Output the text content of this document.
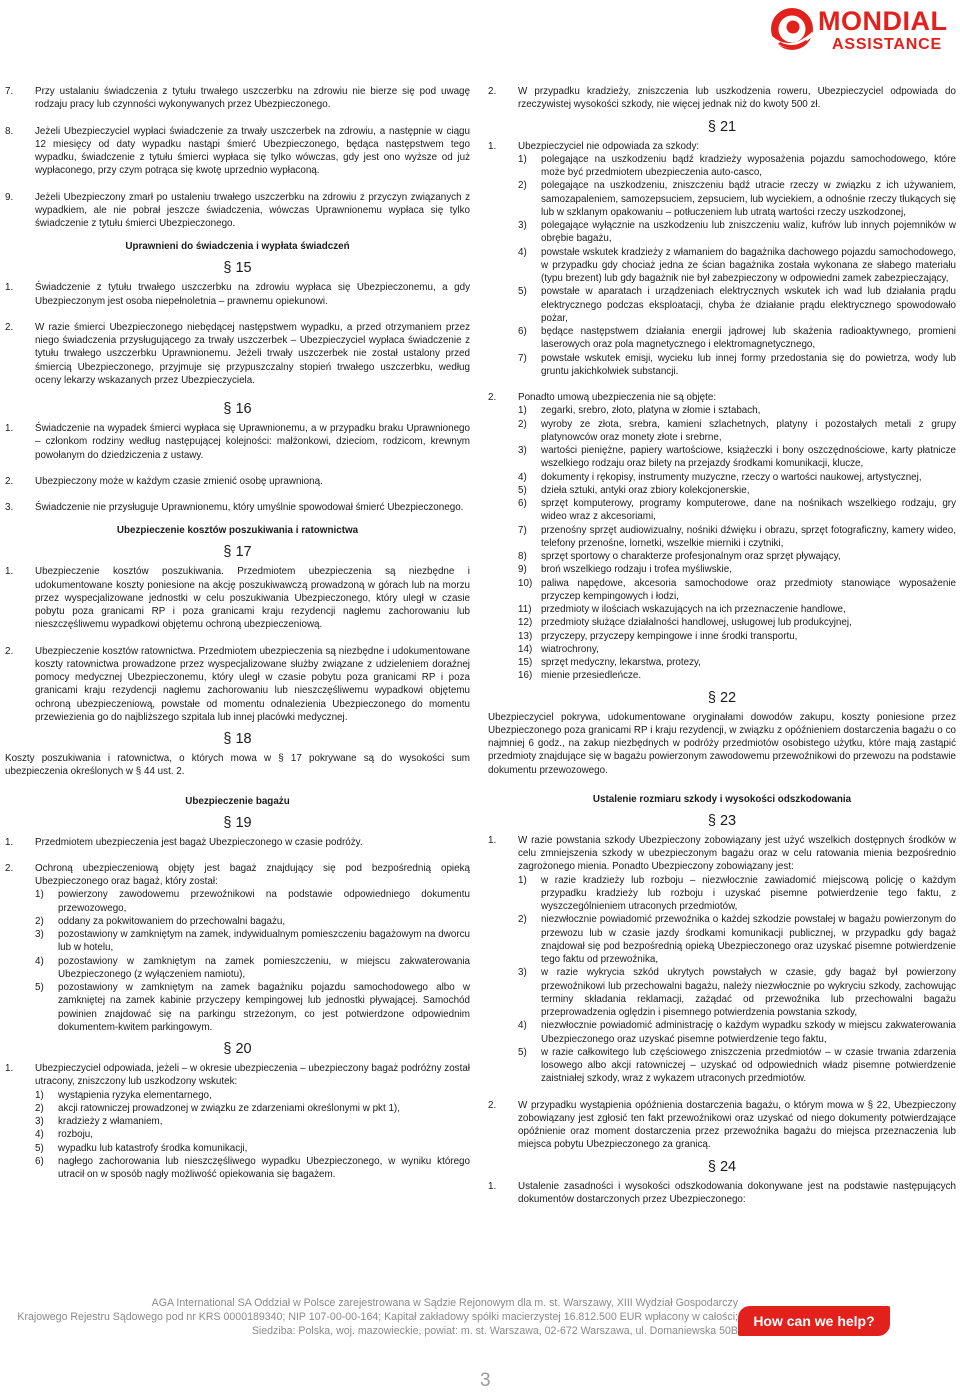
MONDIAL
ASSISTANCE
7.	Przy ustalaniu świadczenia z tytułu trwałego uszczerbku na zdrowiu nie bierze się pod uwagę rodzaju pracy lub czynności wykonywanych przez Ubezpieczonego.
8.	Jeżeli Ubezpieczyciel wypłaci świadczenie za trwały uszczerbek na zdrowiu, a następnie w ciągu 12 miesięcy od daty wypadku nastąpi śmierć Ubezpieczonego, będąca następstwem tego wypadku, świadczenie z tytułu śmierci wypłaca się tylko wówczas, gdy jest ono wyższe od już wypłaconego, przy czym potrąca się kwotę uprzednio wypłaconą.
9.	Jeżeli Ubezpieczony zmarł po ustaleniu trwałego uszczerbku na zdrowiu z przyczyn związanych z wypadkiem, ale nie pobrał jeszcze świadczenia, wówczas Uprawnionemu wypłaca się tylko świadczenie z tytułu śmierci Ubezpieczonego.
Uprawnieni do świadczenia i wypłata świadczeń
§ 15
1.	Świadczenie z tytułu trwałego uszczerbku na zdrowiu wypłaca się Ubezpieczonemu, a gdy Ubezpieczonym jest osoba niepełnoletnia – prawnemu opiekunowi.
2.	W razie śmierci Ubezpieczonego niebędącej następstwem wypadku, a przed otrzymaniem przez niego świadczenia przysługującego za trwały uszczerbek – Ubezpieczyciel wypłaca świadczenie z tytułu trwałego uszczerbku Uprawnionemu. Jeżeli trwały uszczerbek nie został ustalony przed śmiercią Ubezpieczonego, przyjmuje się przypuszczalny stopień trwałego uszczerbku, według oceny lekarzy wskazanych przez Ubezpieczyciela.
§ 16
1.	Świadczenie na wypadek śmierci wypłaca się Uprawnionemu, a w przypadku braku Uprawnionego – członkom rodziny według następującej kolejności: małżonkowi, dzieciom, rodzicom, krewnym powołanym do dziedziczenia z ustawy.
2.	Ubezpieczony może w każdym czasie zmienić osobę uprawnioną.
3.	Świadczenie nie przysługuje Uprawnionemu, który umyślnie spowodował śmierć Ubezpieczonego.
Ubezpieczenie kosztów poszukiwania i ratownictwa
§ 17
1.	Ubezpieczenie kosztów poszukiwania. Przedmiotem ubezpieczenia są niezbędne i udokumentowane koszty poniesione na akcję poszukiwawczą prowadzoną w górach lub na morzu przez wyspecjalizowane jednostki w celu poszukiwania Ubezpieczonego, który uległ w czasie pobytu poza granicami RP i poza granicami kraju rezydencji nagłemu zachorowaniu lub nieszczęśliwemu wypadkowi objętemu ochroną ubezpieczeniową.
2.	Ubezpieczenie kosztów ratownictwa. Przedmiotem ubezpieczenia są niezbędne i udokumentowane koszty ratownictwa prowadzone przez wyspecjalizowane służby związane z udzieleniem doraźnej pomocy medycznej Ubezpieczonemu, który uległ w czasie pobytu poza granicami RP i poza granicami kraju rezydencji nagłemu zachorowaniu lub nieszczęśliwemu wypadkowi objętemu ochroną ubezpieczeniową, powstałe od momentu odnalezienia Ubezpieczonego do momentu przewiezienia go do najbliższego szpitala lub innej placówki medycznej.
§ 18
Koszty poszukiwania i ratownictwa, o których mowa w § 17 pokrywane są do wysokości sum ubezpieczenia określonych w § 44 ust. 2.
Ubezpieczenie bagażu
§ 19
1.	Przedmiotem ubezpieczenia jest bagaż Ubezpieczonego w czasie podróży.
2.	Ochroną ubezpieczeniową objęty jest bagaż znajdujący się pod bezpośrednią opieką Ubezpieczonego oraz bagaż, który został:
1)	powierzony zawodowemu przewoźnikowi na podstawie odpowiedniego dokumentu przewozowego,
2)	oddany za pokwitowaniem do przechowalni bagażu,
3)	pozostawiony w zamkniętym na zamek, indywidualnym pomieszczeniu bagażowym na dworcu lub w hotelu,
4)	pozostawiony w zamkniętym na zamek pomieszczeniu, w miejscu zakwaterowania Ubezpieczonego (z wyłączeniem namiotu),
5)	pozostawiony w zamkniętym na zamek bagażniku pojazdu samochodowego albo w zamkniętej na zamek kabinie przyczepy kempingowej lub jednostki pływającej. Samochód powinien znajdować się na parkingu strzeżonym, co jest potwierdzone odpowiednim dokumentem-kwitem parkingowym.
§ 20
1.	Ubezpieczyciel odpowiada, jeżeli – w okresie ubezpieczenia – ubezpieczony bagaż podróżny został utracony, zniszczony lub uszkodzony wskutek:
1)	wystąpienia ryzyka elementarnego,
2)	akcji ratowniczej prowadzonej w związku ze zdarzeniami określonymi w pkt 1),
3)	kradzieży z włamaniem,
4)	rozboju,
5)	wypadku lub katastrofy środka komunikacji,
6)	nagłego zachorowania lub nieszczęśliwego wypadku Ubezpieczonego, w wyniku którego utracił on w sposób nagły możliwość opiekowania się bagażem.
2.	W przypadku kradzieży, zniszczenia lub uszkodzenia roweru, Ubezpieczyciel odpowiada do rzeczywistej wysokości szkody, nie więcej jednak niż do kwoty 500 zł.
§ 21
1.	Ubezpieczyciel nie odpowiada za szkody:
1)	polegające na uszkodzeniu bądź kradzieży wyposażenia pojazdu samochodowego, które może być przedmiotem ubezpieczenia auto-casco,
2)	polegające na uszkodzeniu, zniszczeniu bądź utracie rzeczy w związku z ich używaniem, samozapaleniem, samozepsuciem, zepsuciem, lub wyciekiem, a odnośnie rzeczy tłukących się lub w szklanym opakowaniu – potłuczeniem lub utratą wartości rzeczy uszkodzonej,
3)	polegające wyłącznie na uszkodzeniu lub zniszczeniu waliz, kufrów lub innych pojemników w obrębie bagażu,
4)	powstałe wskutek kradzieży z włamaniem do bagażnika dachowego pojazdu samochodowego, w przypadku gdy chociaż jedna ze ścian bagażnika została wykonana ze słabego materiału (typu brezent) lub gdy bagażnik nie był zabezpieczony w odpowiedni zamek zabezpieczający,
5)	powstałe w aparatach i urządzeniach elektrycznych wskutek ich wad lub działania prądu elektrycznego podczas eksploatacji, chyba że działanie prądu elektrycznego spowodowało pożar,
6)	będące następstwem działania energii jądrowej lub skażenia radioaktywnego, promieni laserowych oraz pola magnetycznego i elektromagnetycznego,
7)	powstałe wskutek emisji, wycieku lub innej formy przedostania się do powietrza, wody lub gruntu jakichkolwiek substancji.
2.	Ponadto umową ubezpieczenia nie są objęte:
1)	zegarki, srebro, złoto, platyna w złomie i sztabach,
2)	wyroby ze złota, srebra, kamieni szlachetnych, platyny i pozostałych metali z grupy platynowców oraz monety złote i srebrne,
3)	wartości pieniężne, papiery wartościowe, książeczki i bony oszczędnościowe, karty płatnicze wszelkiego rodzaju oraz bilety na przejazdy środkami komunikacji, klucze,
4)	dokumenty i rękopisy, instrumenty muzyczne, rzeczy o wartości naukowej, artystycznej,
5)	dzieła sztuki, antyki oraz zbiory kolekcjonerskie,
6)	sprzęt komputerowy, programy komputerowe, dane na nośnikach wszelkiego rodzaju, gry wideo wraz z akcesoriami,
7)	przenośny sprzęt audiowizualny, nośniki dźwięku i obrazu, sprzęt fotograficzny, kamery wideo, telefony przenośne, lornetki, wszelkie mierniki i czytniki,
8)	sprzęt sportowy o charakterze profesjonalnym oraz sprzęt pływający,
9)	broń wszelkiego rodzaju i trofea myśliwskie,
10) paliwa napędowe, akcesoria samochodowe oraz przedmioty stanowiące wyposażenie przyczep kempingowych i łodzi,
11) przedmioty w ilościach wskazujących na ich przeznaczenie handlowe,
12) przedmioty służące działalności handlowej, usługowej lub produkcyjnej,
13) przyczepy, przyczepy kempingowe i inne środki transportu,
14) wiatrochrony,
15) sprzęt medyczny, lekarstwa, protezy,
16) mienie przesiedleńcze.
§ 22
Ubezpieczyciel pokrywa, udokumentowane oryginałami dowodów zakupu, koszty poniesione przez Ubezpieczonego poza granicami RP i kraju rezydencji, w związku z opóźnieniem dostarczenia bagażu o co najmniej 6 godz., na zakup niezbędnych w podróży przedmiotów osobistego użytku, które mają zastąpić przedmioty znajdujące się w bagażu powierzonym zawodowemu przewoźnikowi do przewozu na podstawie dokumentu przewozowego.
Ustalenie rozmiaru szkody i wysokości odszkodowania
§ 23
1.	W razie powstania szkody Ubezpieczony zobowiązany jest użyć wszelkich dostępnych środków w celu zmniejszenia szkody w ubezpieczonym bagażu oraz w celu ratowania mienia bezpośrednio zagrożonego mienia. Ponadto Ubezpieczony zobowiązany jest:
1)	w razie kradzieży lub rozboju – niezwłocznie zawiadomić miejscową policję o każdym przypadku kradzieży lub rozboju i uzyskać pisemne potwierdzenie tego faktu, z wyszczególnieniem utraconych przedmiotów,
2)	niezwłocznie powiadomić przewoźnika o każdej szkodzie powstałej w bagażu powierzonym do przewozu lub w czasie jazdy środkami komunikacji publicznej, w przypadku gdy bagaż znajdował się pod bezpośrednią opieką Ubezpieczonego oraz uzyskać pisemne potwierdzenie tego faktu od przewoźnika,
3)	w razie wykrycia szkód ukrytych powstałych w czasie, gdy bagaż był powierzony przewoźnikowi lub przechowalni bagażu, należy niezwłocznie po wykryciu szkody, zachowując terminy składania reklamacji, zażądać od przewoźnika lub przechowalni bagażu przeprowadzenia oględzin i pisemnego potwierdzenia powstania szkody,
4)	niezwłocznie powiadomić administrację o każdym wypadku szkody w miejscu zakwaterowania Ubezpieczonego oraz uzyskać pisemne potwierdzenie tego faktu,
5)	w razie całkowitego lub częściowego zniszczenia przedmiotów – w czasie trwania zdarzenia losowego albo akcji ratowniczej – uzyskać od odpowiednich władz pisemne potwierdzenie zaistniałej szkody, wraz z wykazem utraconych przedmiotów.
2.	W przypadku wystąpienia opóźnienia dostarczenia bagażu, o którym mowa w § 22, Ubezpieczony zobowiązany jest zgłosić ten fakt przewoźnikowi oraz uzyskać od niego dokumenty potwierdzające opóźnienie oraz moment dostarczenia przez przewoźnika bagażu do miejsca przeznaczenia lub miejsca pobytu Ubezpieczonego za granicą.
§ 24
1.	Ustalenie zasadności i wysokości odszkodowania dokonywane jest na podstawie następujących dokumentów dostarczonych przez Ubezpieczonego:
AGA International SA Oddział w Polsce zarejestrowana w Sądzie Rejonowym dla m. st. Warszawy, XIII Wydział Gospodarczy
Krajowego Rejestru Sądowego pod nr KRS 0000189340; NIP 107-00-00-164; Kapitał zakładowy spółki macierzystej 16.812.500 EUR wpłacony w całości;
Siedziba: Polska, woj. mazowieckie, powiat: m. st. Warszawa, 02-672 Warszawa, ul. Domaniewska 50B
How can we help?
3
